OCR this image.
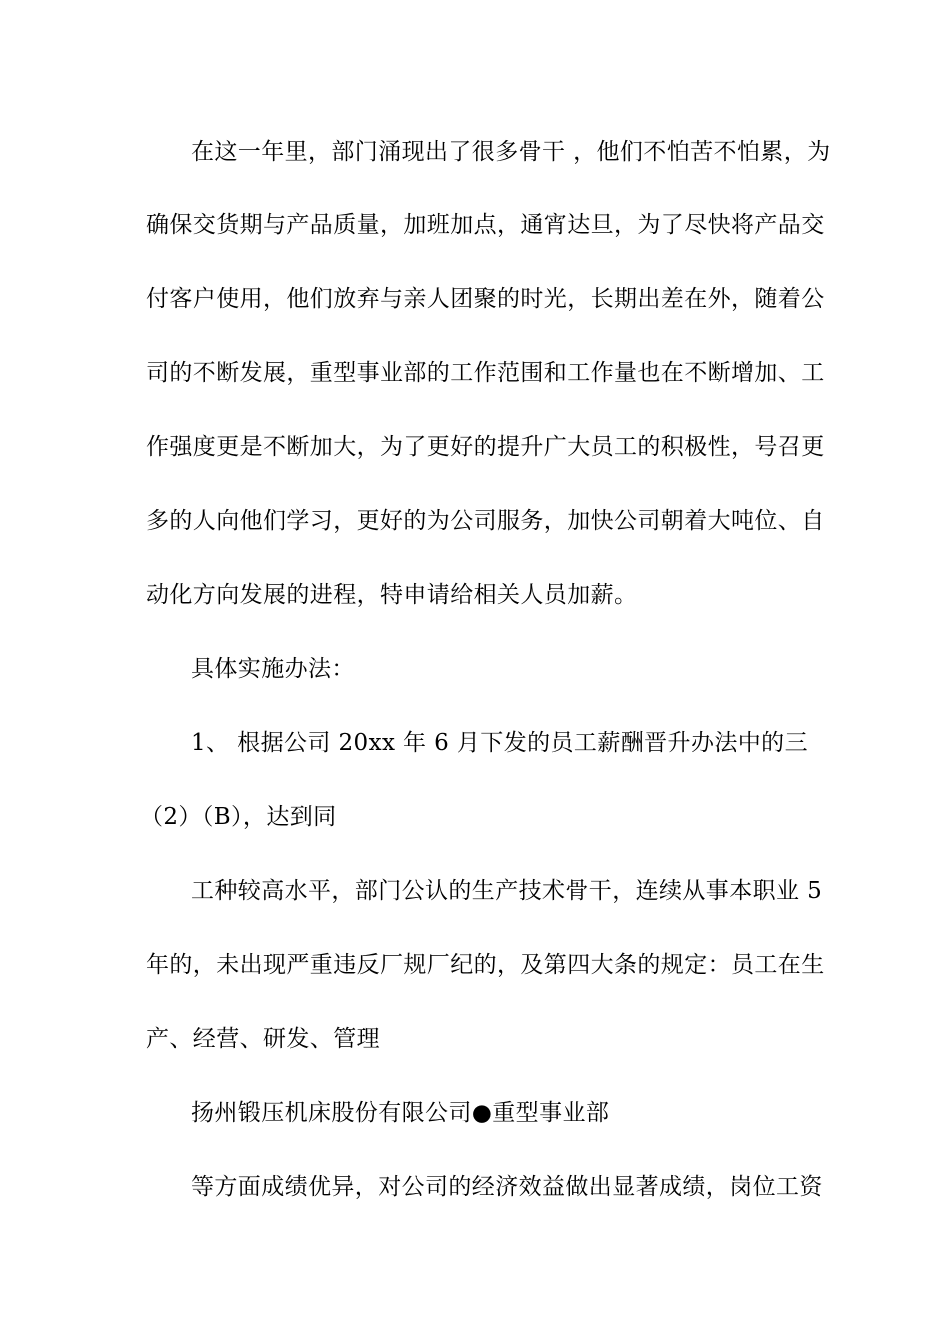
在这一年里，部门涌现出了很多骨干 ，他们不怕苦不怕累，为
确保交货期与产品质量，加班加点，通宵达旦，为了尽快将产品交
付客户使用，他们放弃与亲人团聚的时光，长期出差在外，随着公
司的不断发展，重型事业部的工作范围和工作量也在不断增加、工
作强度更是不断加大，为了更好的提升广大员工的积极性，号召更
多的人向他们学习，更好的为公司服务，加快公司朝着大吨位、自
动化方向发展的进程，特申请给相关人员加薪。
具体实施办法：
1、 根据公司 20xx 年 6 月下发的员工薪酬晋升办法中的三
（2）（B），达到同
工种较高水平，部门公认的生产技术骨干，连续从事本职业 5
年的，未出现严重违反厂规厂纪的，及第四大条的规定：员工在生
产、经营、研发、管理
扬州锻压机床股份有限公司●重型事业部
等方面成绩优异，对公司的经济效益做出显著成绩，岗位工资
